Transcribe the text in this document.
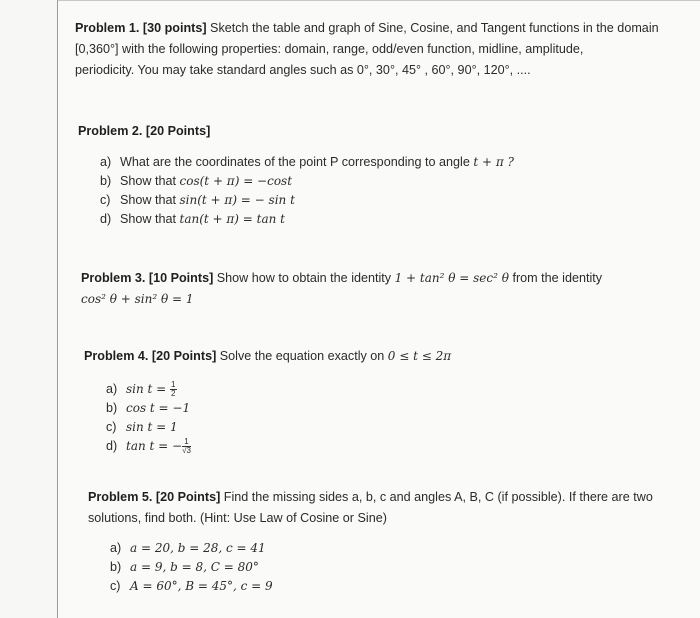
Problem 1. [30 points] Sketch the table and graph of Sine, Cosine, and Tangent functions in the domain
[0,360°] with the following properties: domain, range, odd/even function, midline, amplitude,
periodicity. You may take standard angles such as 0°, 30°, 45° , 60°, 90°, 120°, ....
Problem 2. [20 Points]
a) What are the coordinates of the point P corresponding to angle t + π ?
b) Show that cos(t + π) = −cost
c) Show that sin(t + π) = − sin t
d) Show that tan(t + π) = tan t
Problem 3. [10 Points] Show how to obtain the identity 1 + tan² θ = sec² θ from the identity
cos² θ + sin² θ = 1
Problem 4. [20 Points] Solve the equation exactly on 0 ≤ t ≤ 2π
a) $\sin t = \frac{1}{2}$
b) cos t = −1
c) sin t = 1
d) tan t = − $\frac{1}{√3}$
Problem 5. [20 Points] Find the missing sides a, b, c and angles A, B, C (if possible). If there are two
solutions, find both. (Hint: Use Law of Cosine or Sine)
a) a = 20, b = 28, c = 41
b) a = 9, b = 8, C = 80°
c) A = 60°, B = 45°, c = 9
